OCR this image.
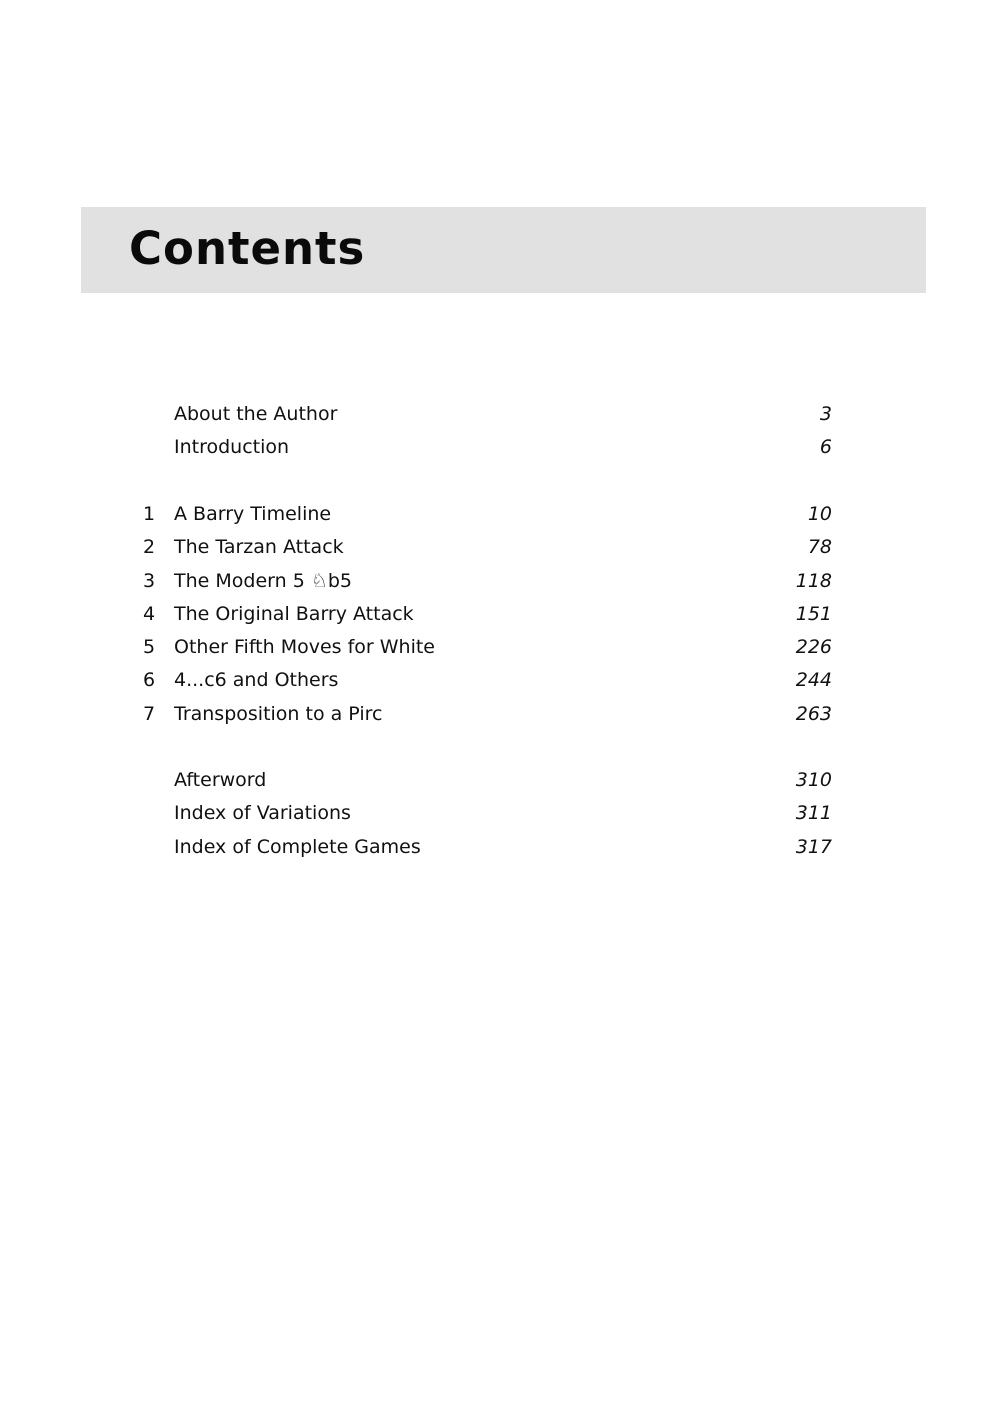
Contents
About the Author	3
Introduction	6
1 A Barry Timeline	10
2 The Tarzan Attack	78
3 The Modern 5 ♘b5	118
4 The Original Barry Attack	151
5 Other Fifth Moves for White	226
6 4...c6 and Others	244
7 Transposition to a Pirc	263
Afterword	310
Index of Variations	311
Index of Complete Games	317
